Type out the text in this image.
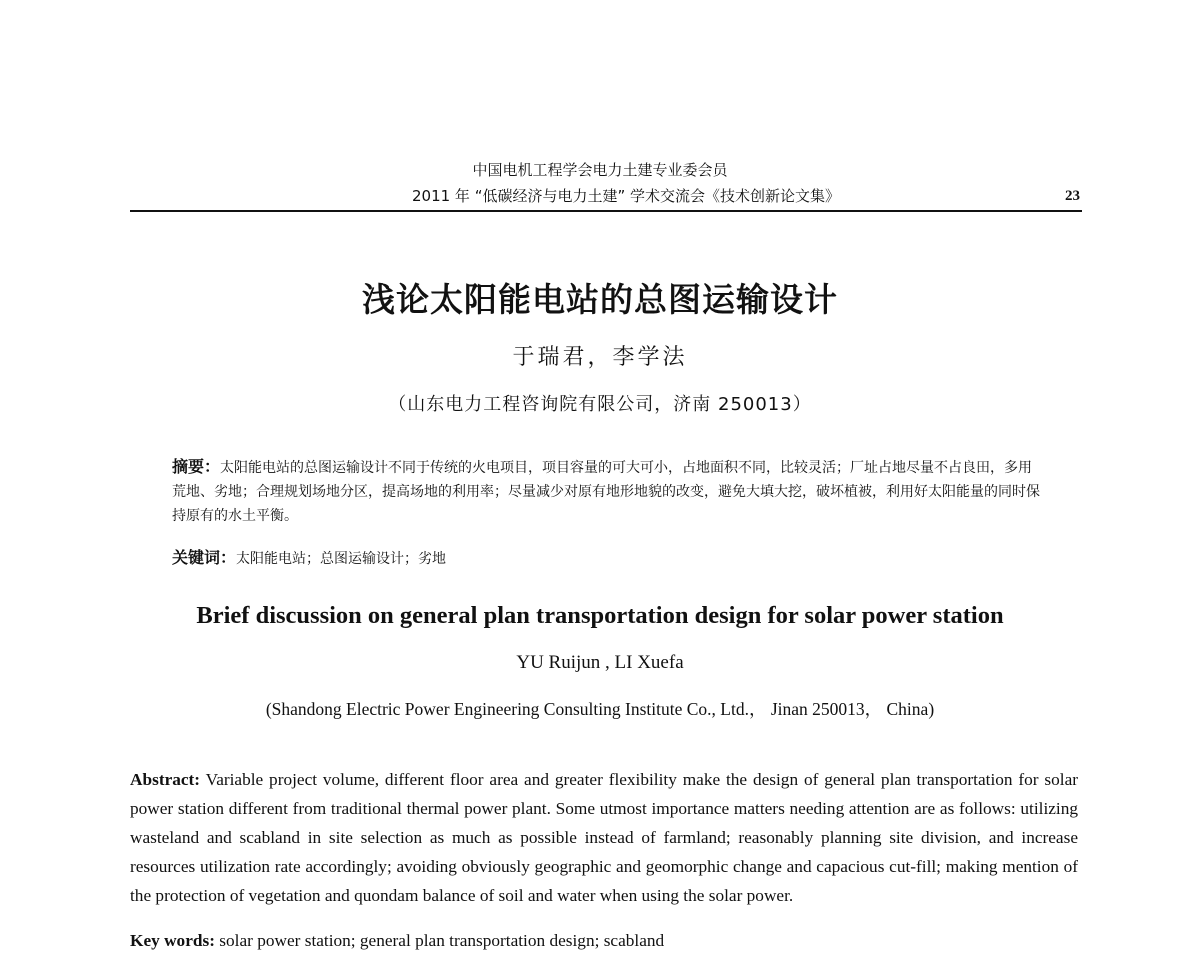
中国电机工程学会电力土建专业委会员
2011 年 “低碳经济与电力土建” 学术交流会《技术创新论文集》	23
浅论太阳能电站的总图运输设计
于瑞君，李学法
（山东电力工程咨询院有限公司，济南 250013）

摘要：太阳能电站的总图运输设计不同于传统的火电项目，项目容量的可大可小，占地面积不同，比较灵活；厂址占地尽量不占良田，多用荒地、劣地；合理规划场地分区，提高场地的利用率；尽量减少对原有地形地貌的改变，避免大填大挖，破坏植被，利用好太阳能量的同时保持原有的水土平衡。

关键词：太阳能电站；总图运输设计；劣地
Brief discussion on general plan transportation design for solar power station
YU Ruijun , LI Xuefa
(Shandong Electric Power Engineering Consulting Institute Co., Ltd.， Jinan 250013， China)
Abstract: Variable project volume, different floor area and greater flexibility make the design of general plan transportation for solar power station different from traditional thermal power plant. Some utmost importance matters needing attention are as follows: utilizing wasteland and scabland in site selection as much as possible instead of farmland; reasonably planning site division, and increase resources utilization rate accordingly; avoiding obviously geographic and geomorphic change and capacious cut-fill; making mention of the protection of vegetation and quondam balance of soil and water when using the solar power.
Key words: solar power station; general plan transportation design; scabland
